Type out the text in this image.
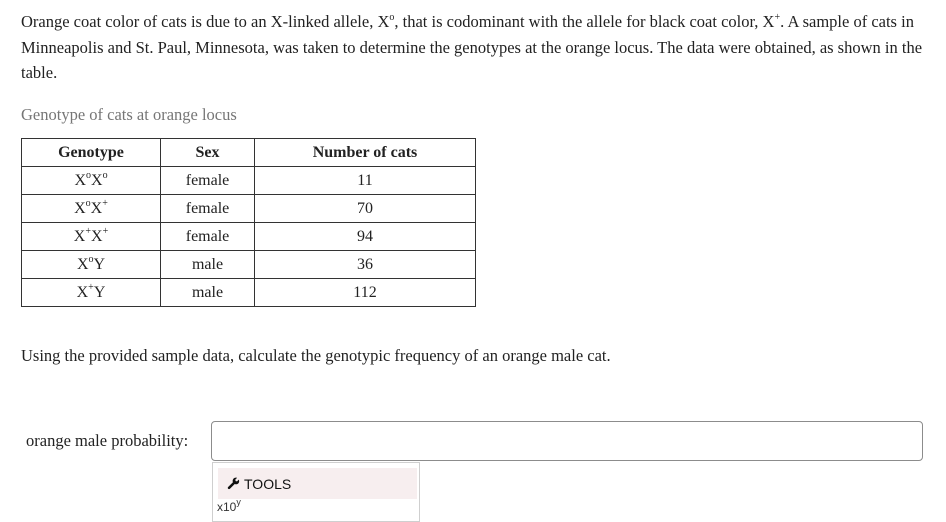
Orange coat color of cats is due to an X-linked allele, $X^o$, that is codominant with the allele for black coat color, X+. A sample of cats in Minneapolis and St. Paul, Minnesota, was taken to determine the genotypes at the orange locus. The data were obtained, as shown in the table.

Genotype of cats at orange locus
Genotype	Sex	Number of cats
$X^oX^o$	female	11
$X^oX^+$	female	70
X+X+	female	94
$X^oY$	male	36
X+Y	male	112
Using the provided sample data, calculate the genotypic frequency of an orange male cat.
orange male probability:
TOOLS
x10$^y$
